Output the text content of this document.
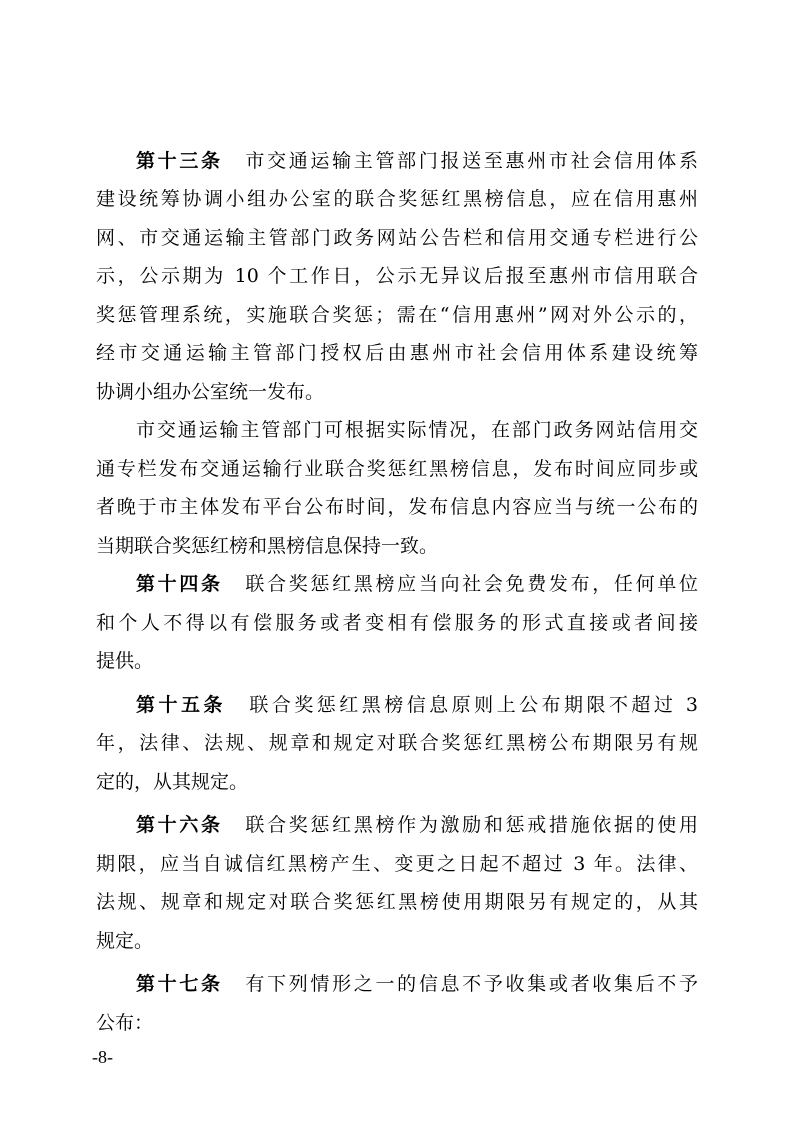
第十三条 市交通运输主管部门报送至惠州市社会信用体系
建设统筹协调小组办公室的联合奖惩红黑榜信息，应在信用惠州
网、市交通运输主管部门政务网站公告栏和信用交通专栏进行公
示，公示期为 10 个工作日，公示无异议后报至惠州市信用联合
奖惩管理系统，实施联合奖惩；需在“信用惠州”网对外公示的，
经市交通运输主管部门授权后由惠州市社会信用体系建设统筹
协调小组办公室统一发布。
市交通运输主管部门可根据实际情况，在部门政务网站信用交
通专栏发布交通运输行业联合奖惩红黑榜信息，发布时间应同步或
者晚于市主体发布平台公布时间，发布信息内容应当与统一公布的
当期联合奖惩红榜和黑榜信息保持一致。
第十四条 联合奖惩红黑榜应当向社会免费发布，任何单位
和个人不得以有偿服务或者变相有偿服务的形式直接或者间接
提供。
第十五条 联合奖惩红黑榜信息原则上公布期限不超过 3
年，法律、法规、规章和规定对联合奖惩红黑榜公布期限另有规
定的，从其规定。
第十六条 联合奖惩红黑榜作为激励和惩戒措施依据的使用
期限，应当自诚信红黑榜产生、变更之日起不超过 3 年。法律、
法规、规章和规定对联合奖惩红黑榜使用期限另有规定的，从其
规定。
第十七条 有下列情形之一的信息不予收集或者收集后不予
公布：
-8-
